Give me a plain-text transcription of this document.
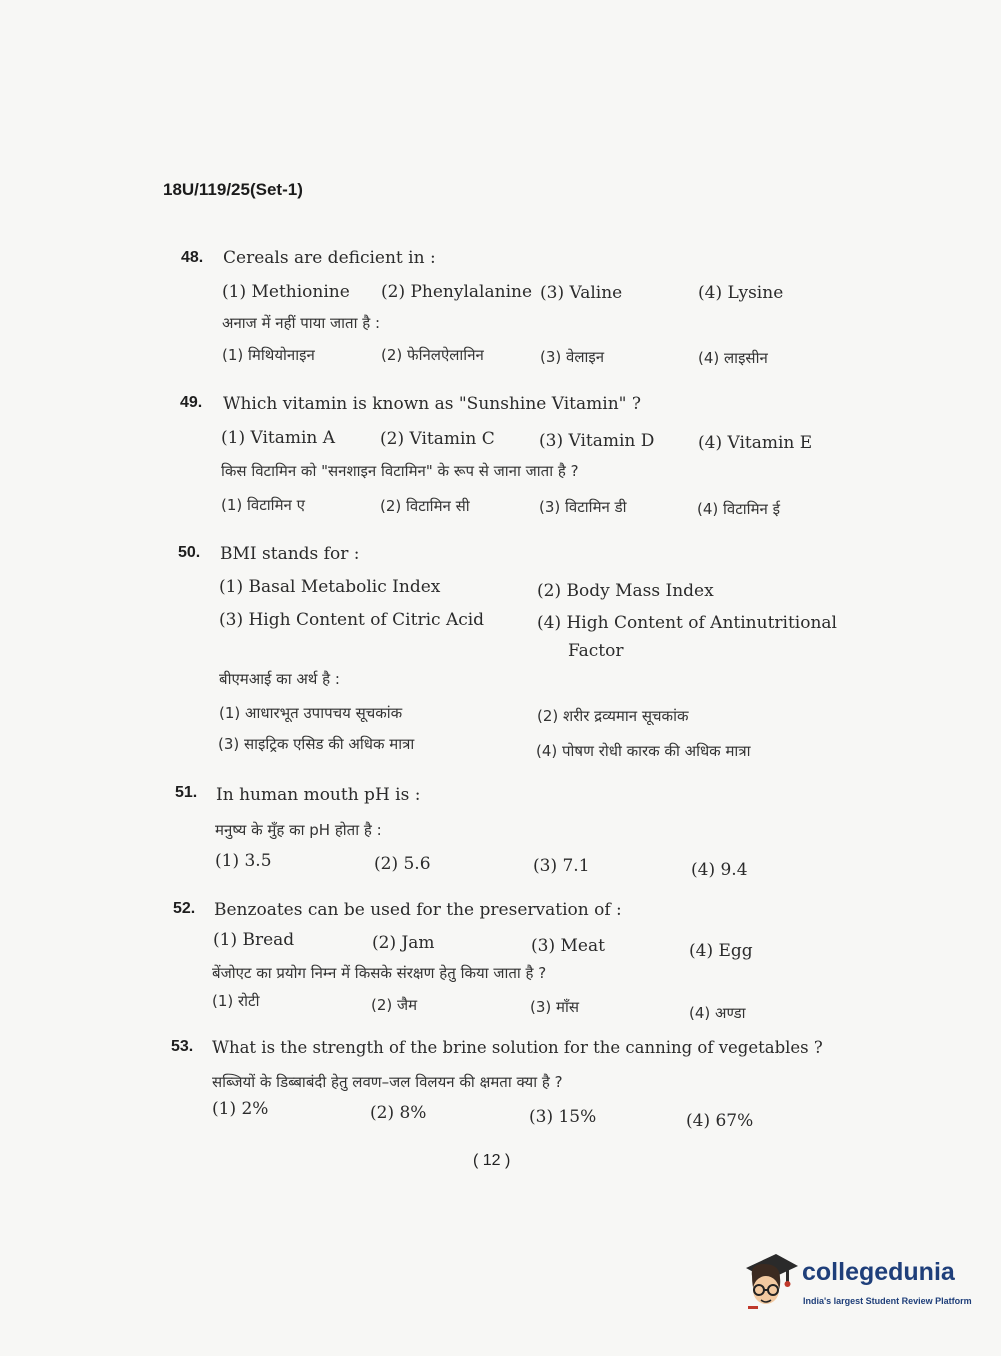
18U/119/25(Set-1)
48. Cereals are deficient in :
(1) Methionine (2) Phenylalanine (3) Valine	(4) Lysine
अनाज में नहीं पाया जाता है :
(1) मिथियोनाइन	(2) फेनिलऐलानिन	(3) वेलाइन	(4) लाइसीन
49. Which vitamin is known as "Sunshine Vitamin" ?
(1) Vitamin A	(2) Vitamin C	(3) Vitamin D	(4) Vitamin E
किस विटामिन को "सनशाइन विटामिन" के रूप से जाना जाता है ?
(1) विटामिन ए	(2) विटामिन सी	(3) विटामिन डी	(4) विटामिन ई
50. BMI stands for :
(1) Basal Metabolic Index	(2) Body Mass Index
(3) High Content of Citric Acid	(4) High Content of Antinutritional
Factor
बीएमआई का अर्थ है :
(1) आधारभूत उपापचय सूचकांक	(2) शरीर द्रव्यमान सूचकांक
(3) साइट्रिक एसिड की अधिक मात्रा	(4) पोषण रोधी कारक की अधिक मात्रा
51. In human mouth pH is :
मनुष्य के मुँह का pH होता है :
(1) 3.5	(2) 5.6	(3) 7.1	(4) 9.4
52. Benzoates can be used for the preservation of :
(1) Bread	(2) Jam	(3) Meat	(4) Egg
बेंजोएट का प्रयोग निम्न में किसके संरक्षण हेतु किया जाता है ?
(1) रोटी	(2) जैम	(3) माँस	(4) अण्डा
53. What is the strength of the brine solution for the canning of vegetables ?
सब्जियों के डिब्बाबंदी हेतु लवण–जल विलयन की क्षमता क्या है ?
(1) 2%	(2) 8%	(3) 15%	(4) 67%
( 12 )
collegedunia
India's largest Student Review Platform
